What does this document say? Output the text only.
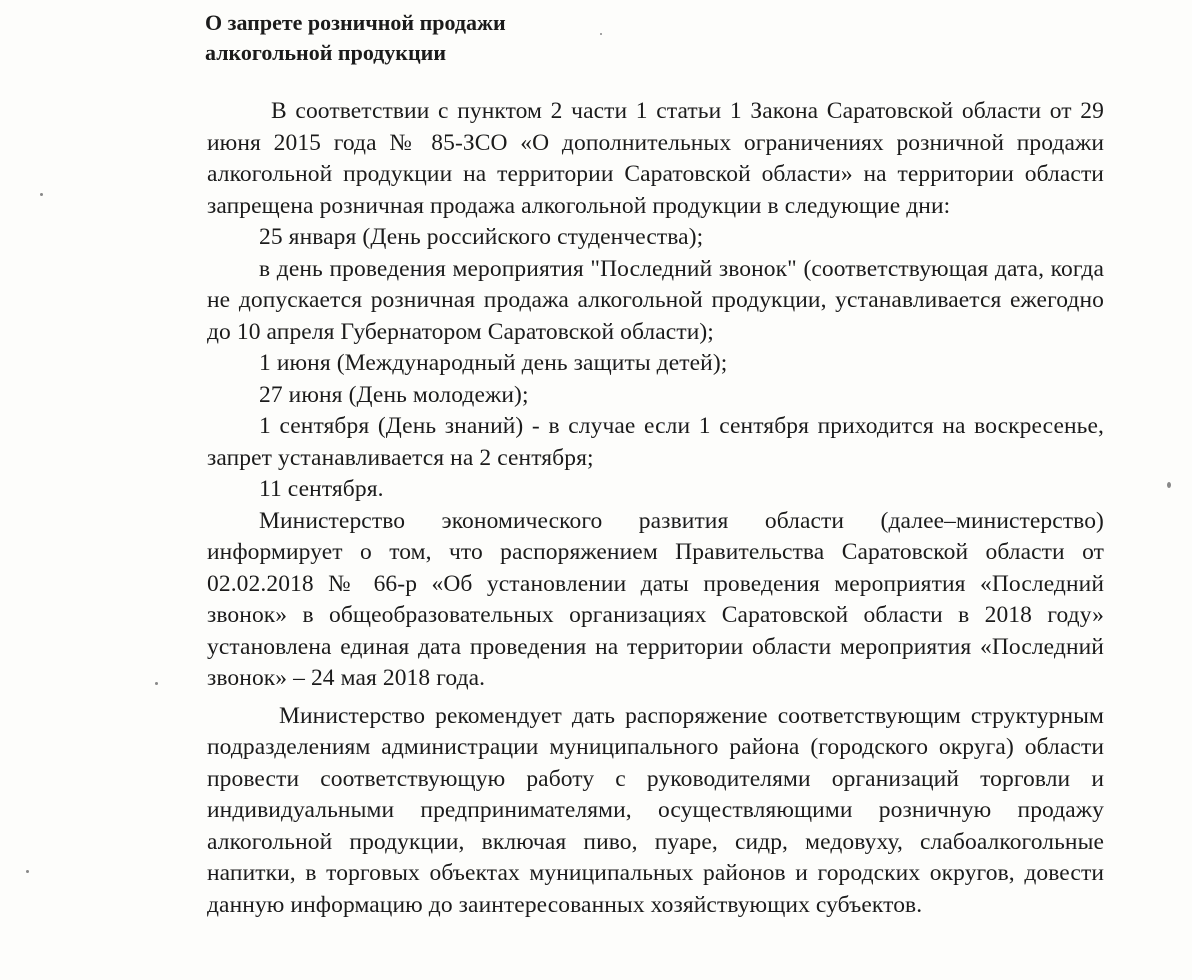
О запрете розничной продажи
алкогольной продукции

В соответствии с пунктом 2 части 1 статьи 1 Закона Саратовской области от 29 июня 2015 года № 85-ЗСО «О дополнительных ограничениях розничной продажи алкогольной продукции на территории Саратовской области» на территории области запрещена розничная продажа алкогольной продукции в следующие дни:

25 января (День российского студенчества);

в день проведения мероприятия "Последний звонок" (соответствующая дата, когда не допускается розничная продажа алкогольной продукции, устанавливается ежегодно до 10 апреля Губернатором Саратовской области);

1 июня (Международный день защиты детей);

27 июня (День молодежи);

1 сентября (День знаний) - в случае если 1 сентября приходится на воскресенье, запрет устанавливается на 2 сентября;

11 сентября.

Министерство экономического развития области (далее–министерство) информирует о том, что распоряжением Правительства Саратовской области от 02.02.2018 № 66-р «Об установлении даты проведения мероприятия «Последний звонок» в общеобразовательных организациях Саратовской области в 2018 году» установлена единая дата проведения на территории области мероприятия «Последний звонок» – 24 мая 2018 года.

Министерство рекомендует дать распоряжение соответствующим структурным подразделениям администрации муниципального района (городского округа) области провести соответствующую работу с руководителями организаций торговли и индивидуальными предпринимателями, осуществляющими розничную продажу алкогольной продукции, включая пиво, пуаре, сидр, медовуху, слабоалкогольные напитки, в торговых объектах муниципальных районов и городских округов, довести данную информацию до заинтересованных хозяйствующих субъектов.
